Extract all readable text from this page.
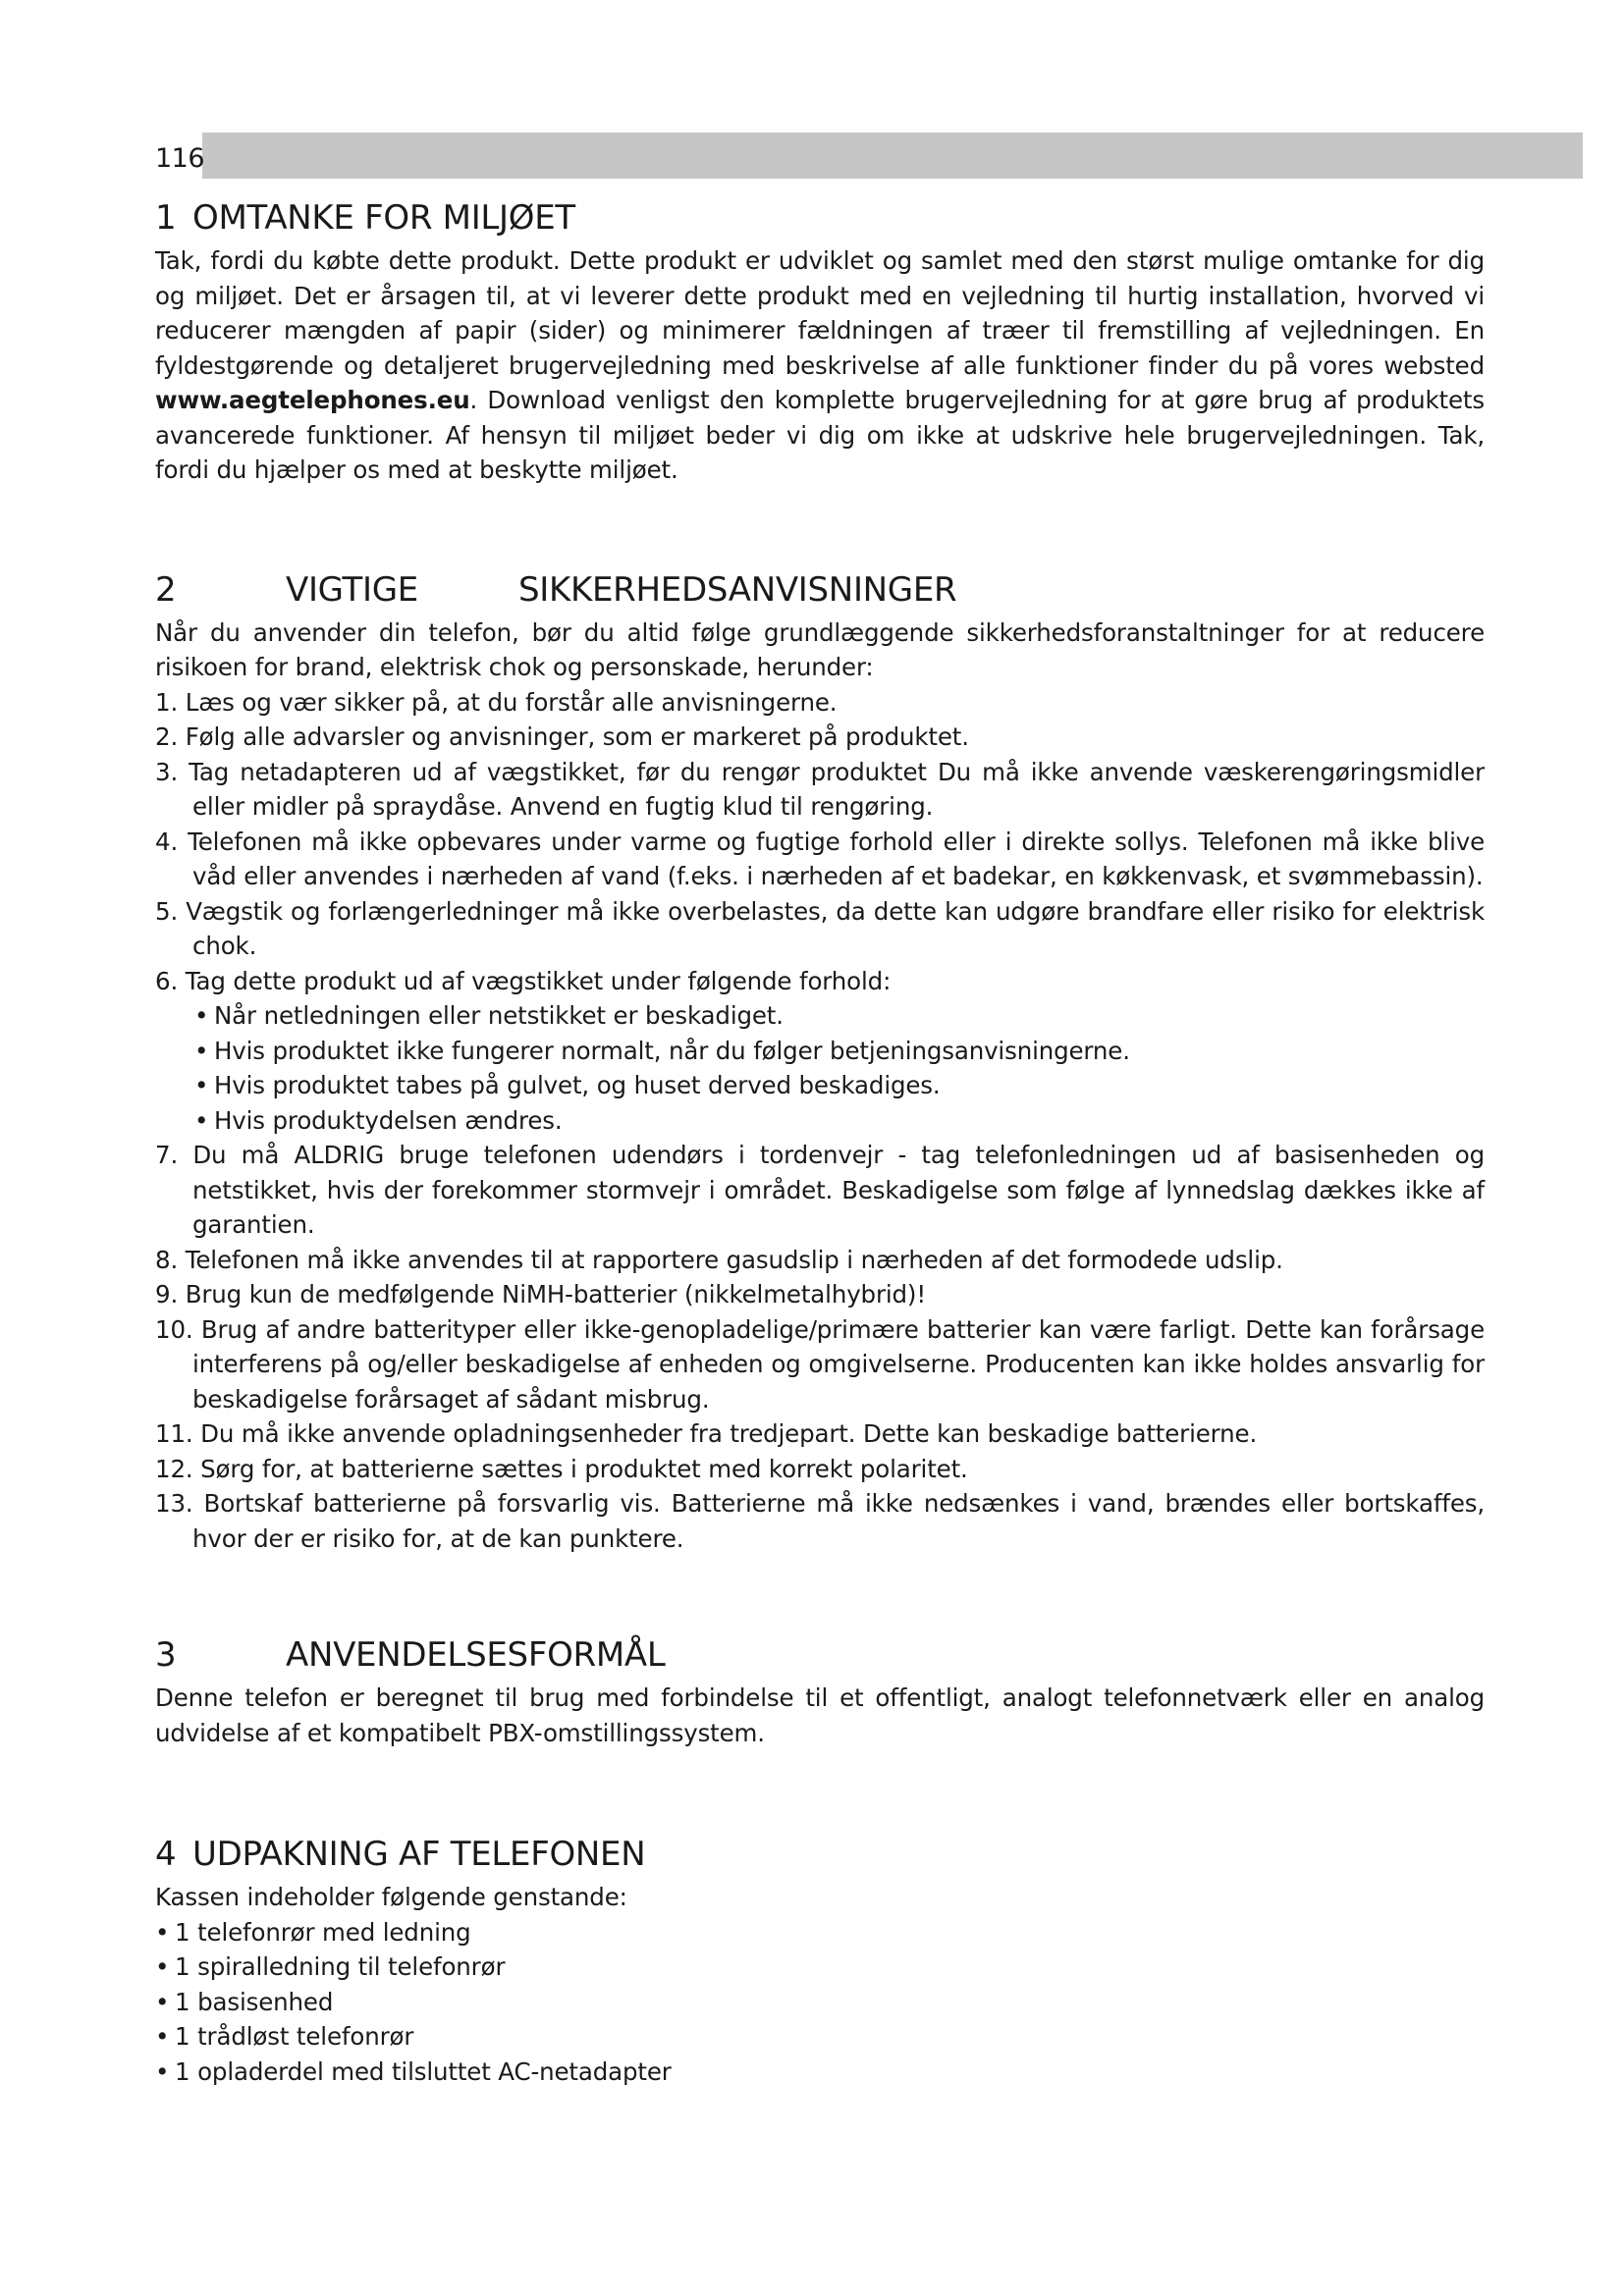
116
1 OMTANKE FOR MILJØET

Tak, fordi du købte dette produkt. Dette produkt er udviklet og samlet med den størst mulige omtanke for dig og miljøet. Det er årsagen til, at vi leverer dette produkt med en vejledning til hurtig installation, hvorved vi reducerer mængden af papir (sider) og minimerer fældningen af træer til fremstilling af vejledningen. En fyldestgørende og detaljeret brugervejledning med beskrivelse af alle funktioner finder du på vores websted www.aegtelephones.eu. Download venligst den komplette brugervejledning for at gøre brug af produktets avancerede funktioner. Af hensyn til miljøet beder vi dig om ikke at udskrive hele brugervejledningen. Tak, fordi du hjælper os med at beskytte miljøet.

2	VIGTIGE	SIKKERHEDSANVISNINGER

Når du anvender din telefon, bør du altid følge grundlæggende sikkerhedsforanstaltninger for at reducere risikoen for brand, elektrisk chok og personskade, herunder:

1. Læs og vær sikker på, at du forstår alle anvisningerne.
2. Følg alle advarsler og anvisninger, som er markeret på produktet.
3. Tag netadapteren ud af vægstikket, før du rengør produktet Du må ikke anvende væskerengøringsmidler eller midler på spraydåse. Anvend en fugtig klud til rengøring.
4. Telefonen må ikke opbevares under varme og fugtige forhold eller i direkte sollys. Telefonen må ikke blive våd eller anvendes i nærheden af vand (f.eks. i nærheden af et badekar, en køkkenvask, et svømmebassin).
5. Vægstik og forlængerledninger må ikke overbelastes, da dette kan udgøre brandfare eller risiko for elektrisk chok.
6. Tag dette produkt ud af vægstikket under følgende forhold:
• Når netledningen eller netstikket er beskadiget.
• Hvis produktet ikke fungerer normalt, når du følger betjeningsanvisningerne.
• Hvis produktet tabes på gulvet, og huset derved beskadiges.
• Hvis produktydelsen ændres.
7. Du må ALDRIG bruge telefonen udendørs i tordenvejr - tag telefonledningen ud af basisenheden og netstikket, hvis der forekommer stormvejr i området. Beskadigelse som følge af lynnedslag dækkes ikke af garantien.
8. Telefonen må ikke anvendes til at rapportere gasudslip i nærheden af det formodede udslip.
9. Brug kun de medfølgende NiMH-batterier (nikkelmetalhybrid)!
10. Brug af andre batterityper eller ikke-genopladelige/primære batterier kan være farligt. Dette kan forårsage interferens på og/eller beskadigelse af enheden og omgivelserne. Producenten kan ikke holdes ansvarlig for beskadigelse forårsaget af sådant misbrug.
11. Du må ikke anvende opladningsenheder fra tredjepart. Dette kan beskadige batterierne.
12. Sørg for, at batterierne sættes i produktet med korrekt polaritet.
13. Bortskaf batterierne på forsvarlig vis. Batterierne må ikke nedsænkes i vand, brændes eller bortskaffes, hvor der er risiko for, at de kan punktere.
3	ANVENDELSESFORMÅL

Denne telefon er beregnet til brug med forbindelse til et offentligt, analogt telefonnetværk eller en analog udvidelse af et kompatibelt PBX-omstillingssystem.

4 UDPAKNING AF TELEFONEN

Kassen indeholder følgende genstande:

• 1 telefonrør med ledning
• 1 spiralledning til telefonrør
• 1 basisenhed
• 1 trådløst telefonrør
• 1 opladerdel med tilsluttet AC-netadapter
